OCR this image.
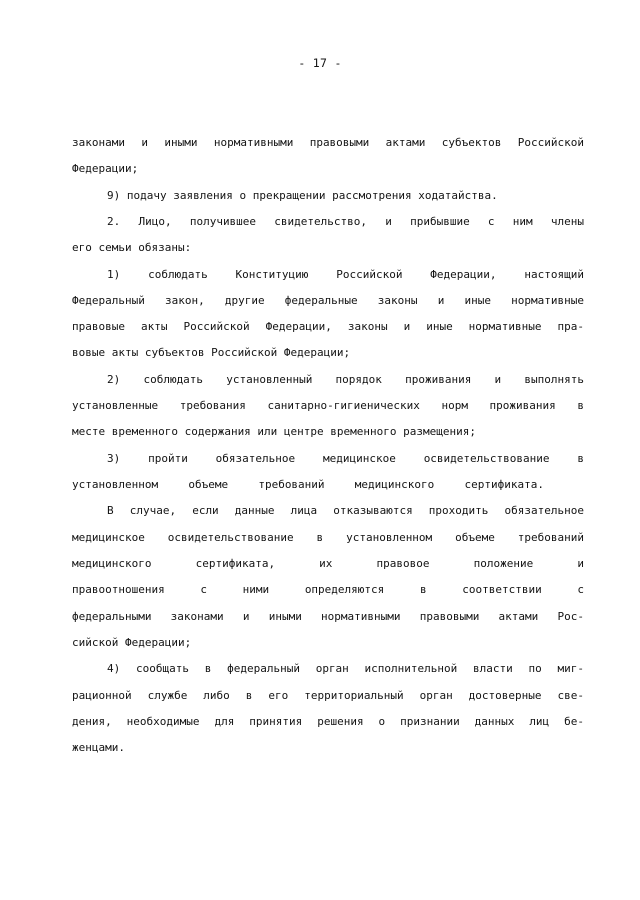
- 17 -
законами и иными нормативными правовыми актами субъектов Российской
Федерации;
9) подачу заявления о прекращении рассмотрения ходатайства.
2. Лицо, получившее свидетельство, и прибывшие с ним члены
его семьи обязаны:
1) соблюдать Конституцию Российской Федерации, настоящий
Федеральный закон, другие федеральные законы и иные нормативные
правовые акты Российской Федерации, законы и иные нормативные пра-
вовые акты субъектов Российской Федерации;
2) соблюдать установленный порядок проживания и выполнять
установленные требования санитарно-гигиенических норм проживания в
месте временного содержания или центре временного размещения;
3) пройти обязательное медицинское освидетельствование в
установленном объеме требований медицинского сертификата.
В случае, если данные лица отказываются проходить обязательное
медицинское освидетельствование в установленном объеме требований
медицинского сертификата, их правовое положение и
правоотношения с ними определяются в соответствии с
федеральными законами и иными нормативными правовыми актами Рос-
сийской Федерации;
4) сообщать в федеральный орган исполнительной власти по миг-
рационной службе либо в его территориальный орган достоверные све-
дения, необходимые для принятия решения о признании данных лиц бе-
женцами.
